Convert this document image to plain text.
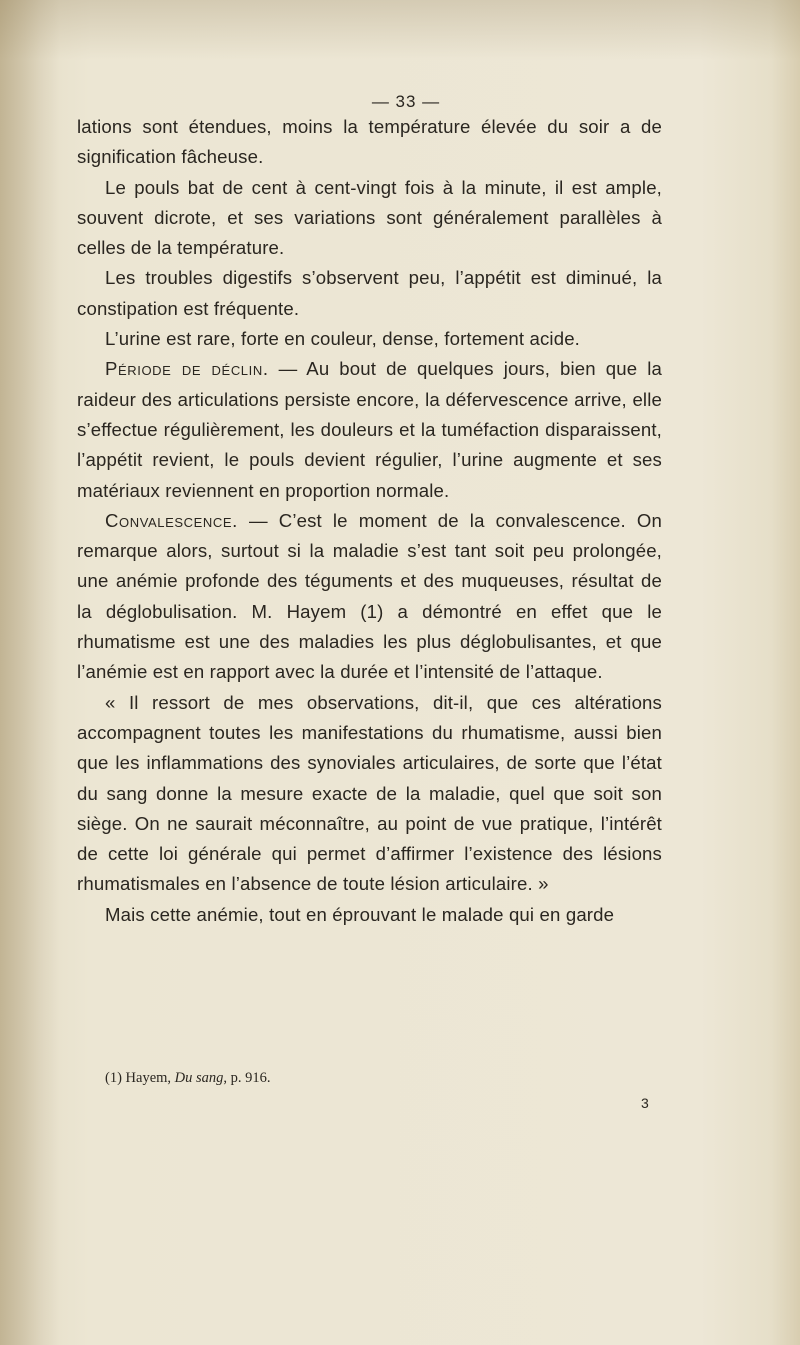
— 33 —

lations sont étendues, moins la température élevée du soir a de signification fâcheuse.

Le pouls bat de cent à cent-vingt fois à la minute, il est ample, souvent dicrote, et ses variations sont généralement parallèles à celles de la température.

Les troubles digestifs s’observent peu, l’appétit est diminué, la constipation est fréquente.

L’urine est rare, forte en couleur, dense, fortement acide.

Période de déclin. — Au bout de quelques jours, bien que la raideur des articulations persiste encore, la défervescence arrive, elle s’effectue régulièrement, les douleurs et la tuméfaction disparaissent, l’appétit revient, le pouls devient régulier, l’urine augmente et ses matériaux reviennent en proportion normale.

Convalescence. — C’est le moment de la convalescence. On remarque alors, surtout si la maladie s’est tant soit peu prolongée, une anémie profonde des téguments et des muqueuses, résultat de la déglobulisation. M. Hayem (1) a démontré en effet que le rhumatisme est une des maladies les plus déglobulisantes, et que l’anémie est en rapport avec la durée et l’intensité de l’attaque.

« Il ressort de mes observations, dit-il, que ces altérations accompagnent toutes les manifestations du rhumatisme, aussi bien que les inflammations des synoviales articulaires, de sorte que l’état du sang donne la mesure exacte de la maladie, quel que soit son siège. On ne saurait méconnaître, au point de vue pratique, l’intérêt de cette loi générale qui permet d’affirmer l’existence des lésions rhumatismales en l’absence de toute lésion articulaire. »

Mais cette anémie, tout en éprouvant le malade qui en garde

(1) Hayem, Du sang, p. 916.
3
